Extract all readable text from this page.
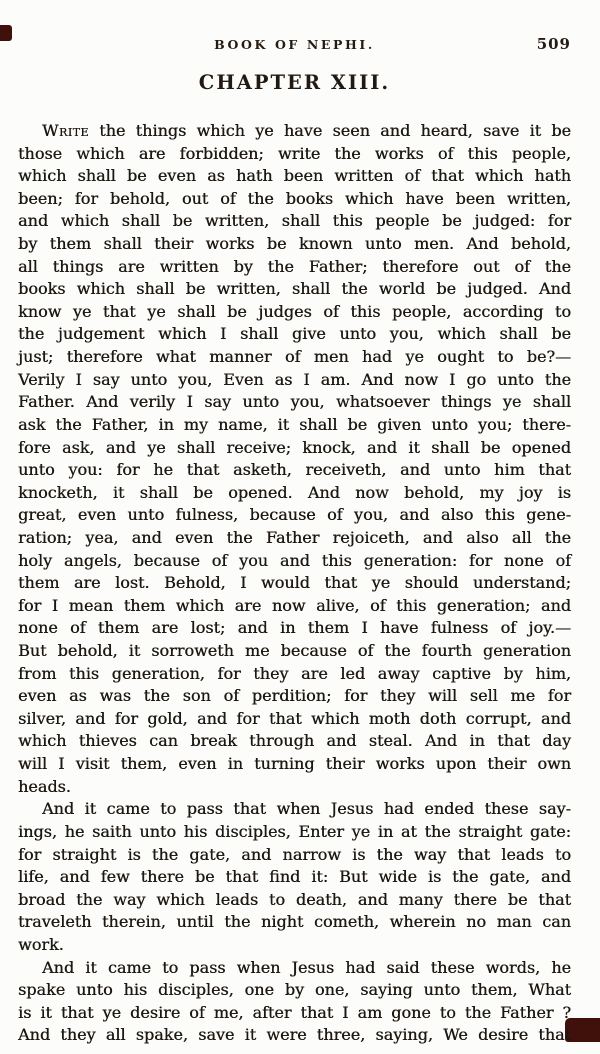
BOOK OF NEPHI.	509
CHAPTER XIII.
Write the things which ye have seen and heard, save it be
those which are forbidden; write the works of this people,
which shall be even as hath been written of that which hath
been; for behold, out of the books which have been written,
and which shall be written, shall this people be judged: for
by them shall their works be known unto men. And behold,
all things are written by the Father; therefore out of the
books which shall be written, shall the world be judged. And
know ye that ye shall be judges of this people, according to
the judgement which I shall give unto you, which shall be
just; therefore what manner of men had ye ought to be?—
Verily I say unto you, Even as I am. And now I go unto the
Father. And verily I say unto you, whatsoever things ye shall
ask the Father, in my name, it shall be given unto you; there-
fore ask, and ye shall receive; knock, and it shall be opened
unto you: for he that asketh, receiveth, and unto him that
knocketh, it shall be opened. And now behold, my joy is
great, even unto fulness, because of you, and also this gene-
ration; yea, and even the Father rejoiceth, and also all the
holy angels, because of you and this generation: for none of
them are lost. Behold, I would that ye should understand;
for I mean them which are now alive, of this generation; and
none of them are lost; and in them I have fulness of joy.—
But behold, it sorroweth me because of the fourth generation
from this generation, for they are led away captive by him,
even as was the son of perdition; for they will sell me for
silver, and for gold, and for that which moth doth corrupt, and
which thieves can break through and steal. And in that day
will I visit them, even in turning their works upon their own
heads.
And it came to pass that when Jesus had ended these say-
ings, he saith unto his disciples, Enter ye in at the straight gate:
for straight is the gate, and narrow is the way that leads to
life, and few there be that find it: But wide is the gate, and
broad the way which leads to death, and many there be that
traveleth therein, until the night cometh, wherein no man can
work.
And it came to pass when Jesus had said these words, he
spake unto his disciples, one by one, saying unto them, What
is it that ye desire of me, after that I am gone to the Father ?
And they all spake, save it were three, saying, We desire that
